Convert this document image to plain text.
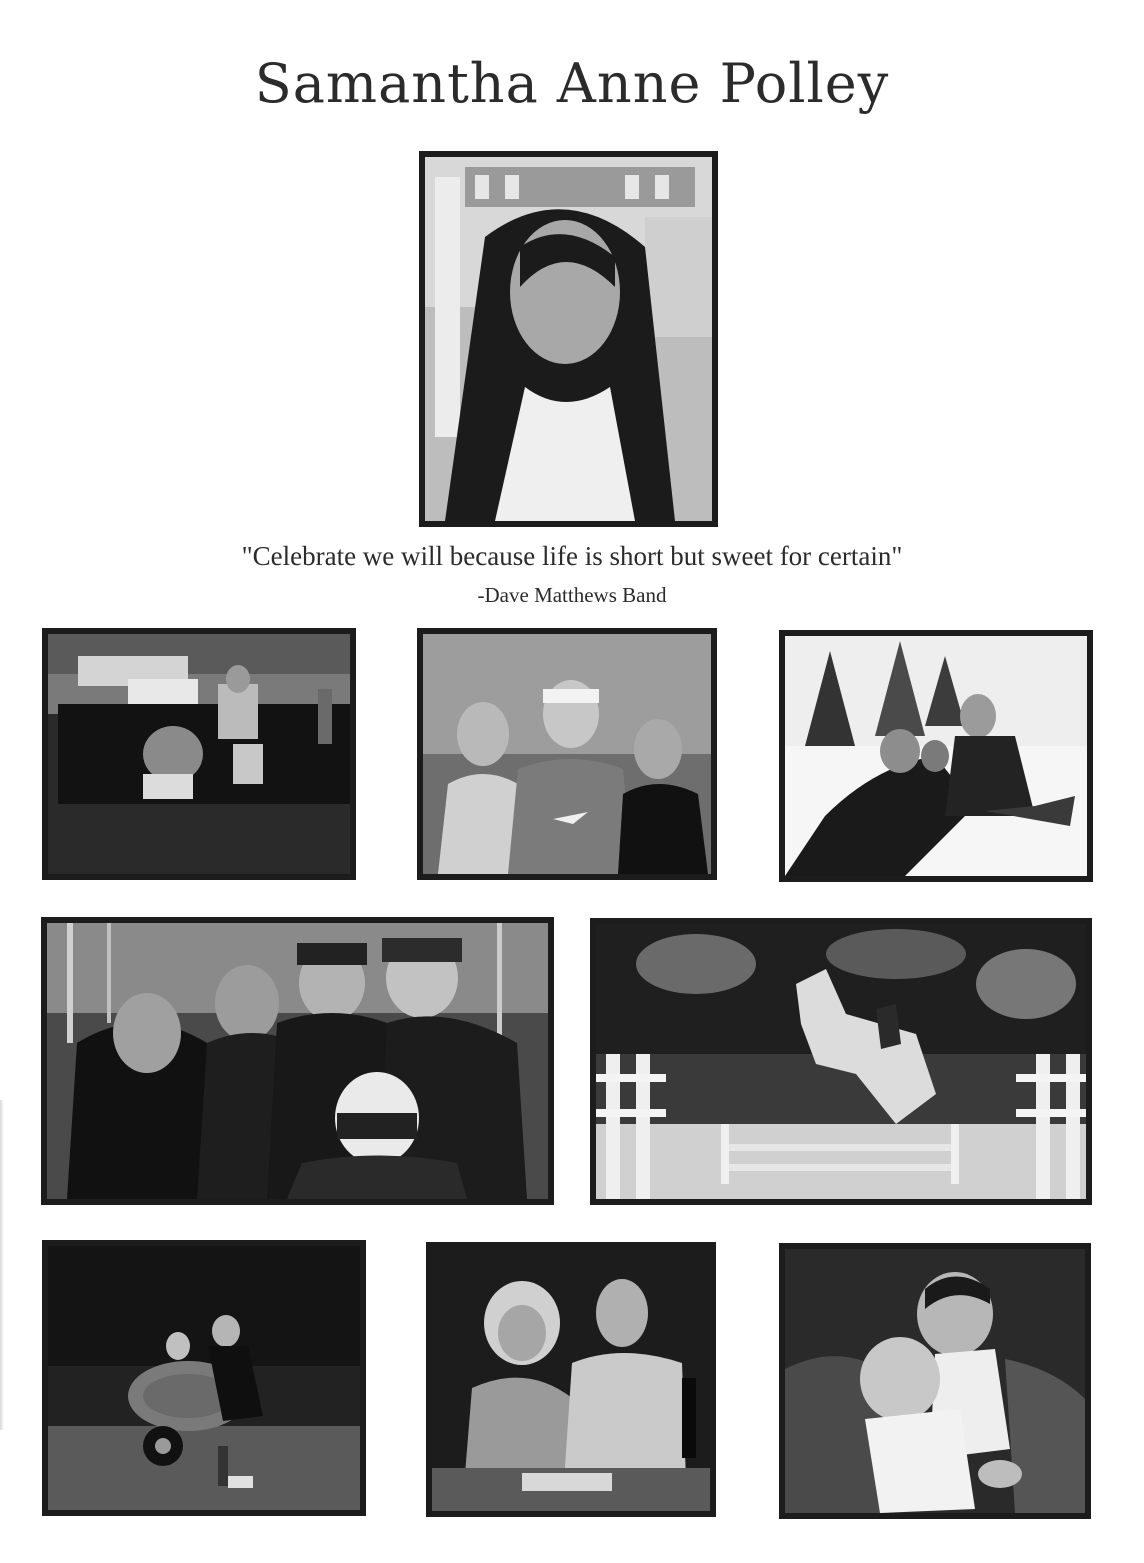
Samantha Anne Polley
"Celebrate we will because life is short but sweet for certain"
-Dave Matthews Band
